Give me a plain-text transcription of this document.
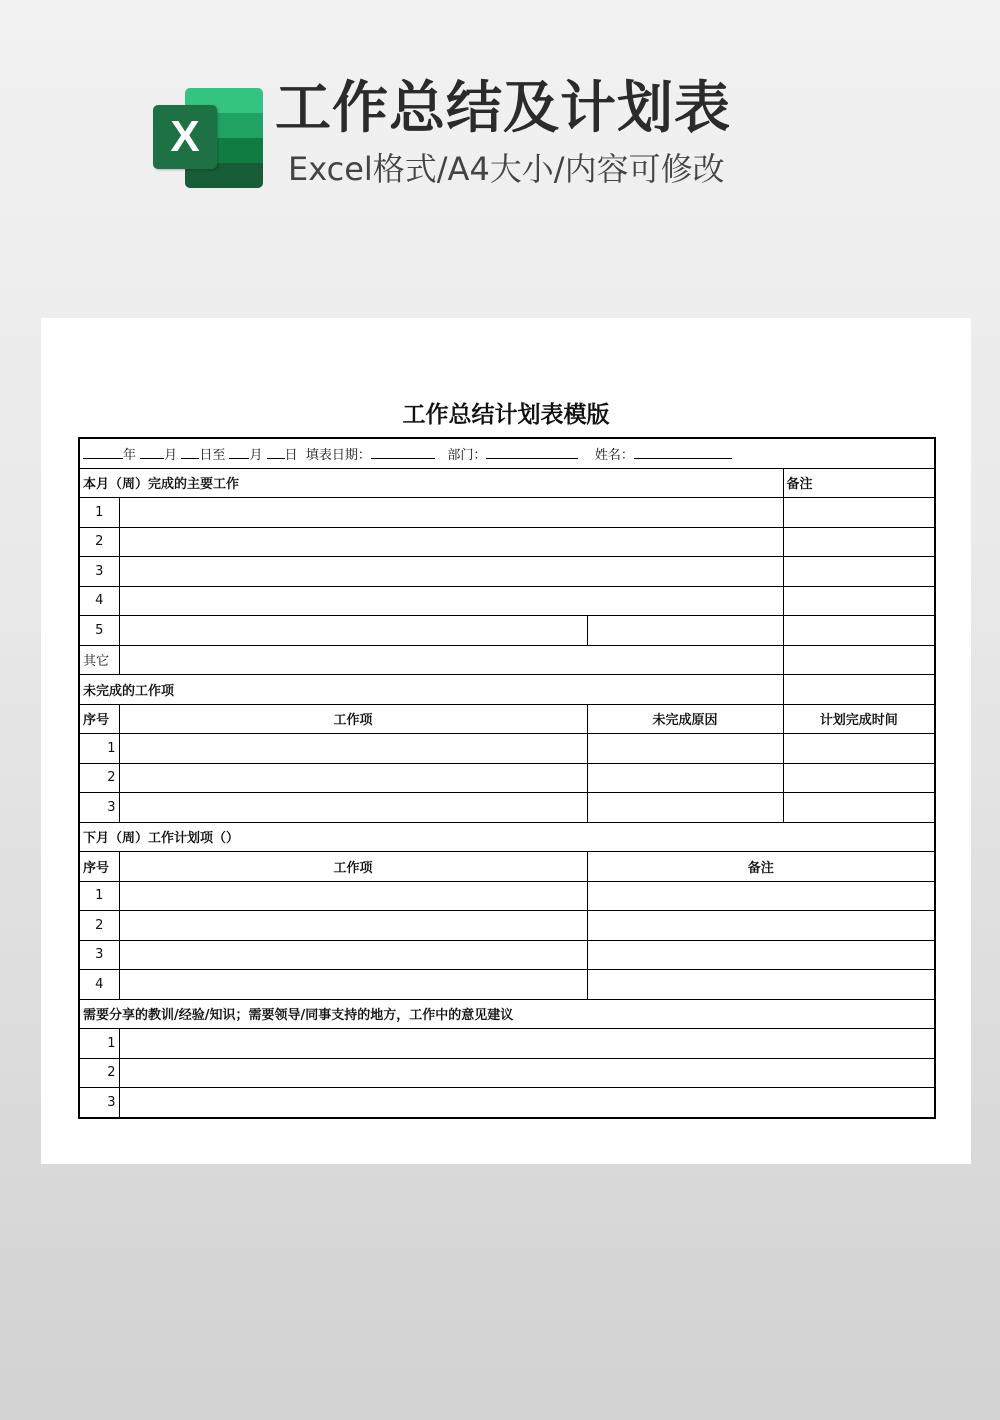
X	工作总结及计划表

Excel格式/A4大小/内容可修改

工作总结计划表模版
年 月 日至 月 日 填表日期： 部门： 姓名：			
本月（周）完成的主要工作			备注
1			
2			
3			
4			
5			
其它			
未完成的工作项			
序号	工作项	未完成原因	计划完成时间
1			
2			
3			
下月（周）工作计划项（）			
序号	工作项	备注	
1			
2			
3			
4			
需要分享的教训/经验/知识；需要领导/同事支持的地方，工作中的意见建议			
1			
2			
3			
